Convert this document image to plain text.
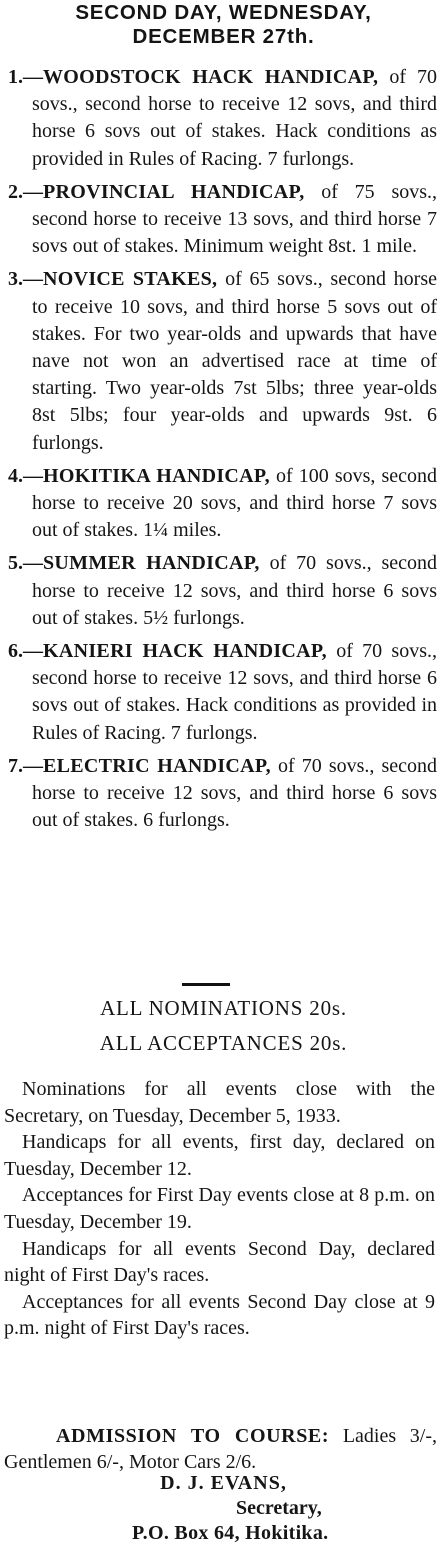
SECOND DAY, WEDNESDAY,
DECEMBER 27th.
1.—WOODSTOCK HACK HANDICAP, of 70 sovs., second horse to receive 12 sovs, and third horse 6 sovs out of stakes. Hack conditions as provided in Rules of Racing. 7 furlongs.
2.—PROVINCIAL HANDICAP, of 75 sovs., second horse to receive 13 sovs, and third horse 7 sovs out of stakes. Minimum weight 8st. 1 mile.
3.—NOVICE STAKES, of 65 sovs., second horse to receive 10 sovs, and third horse 5 sovs out of stakes. For two year-olds and upwards that have nave not won an advertised race at time of starting. Two year-olds 7st 5lbs; three year-olds 8st 5lbs; four year-olds and upwards 9st. 6 furlongs.
4.—HOKITIKA HANDICAP, of 100 sovs, second horse to receive 20 sovs, and third horse 7 sovs out of stakes. 1¼ miles.
5.—SUMMER HANDICAP, of 70 sovs., second horse to receive 12 sovs, and third horse 6 sovs out of stakes. 5½ furlongs.
6.—KANIERI HACK HANDICAP, of 70 sovs., second horse to receive 12 sovs, and third horse 6 sovs out of stakes. Hack conditions as provided in Rules of Racing. 7 furlongs.
7.—ELECTRIC HANDICAP, of 70 sovs., second horse to receive 12 sovs, and third horse 6 sovs out of stakes. 6 furlongs.
ALL NOMINATIONS 20s.
ALL ACCEPTANCES 20s.
Nominations for all events close with the Secretary, on Tuesday, December 5, 1933.
Handicaps for all events, first day, declared on Tuesday, December 12.
Acceptances for First Day events close at 8 p.m. on Tuesday, December 19.
Handicaps for all events Second Day, declared night of First Day's races.
Acceptances for all events Second Day close at 9 p.m. night of First Day's races.
ADMISSION TO COURSE: Ladies 3/-, Gentlemen 6/-, Motor Cars 2/6.
D. J. EVANS,
Secretary,
P.O. Box 64, Hokitika.
